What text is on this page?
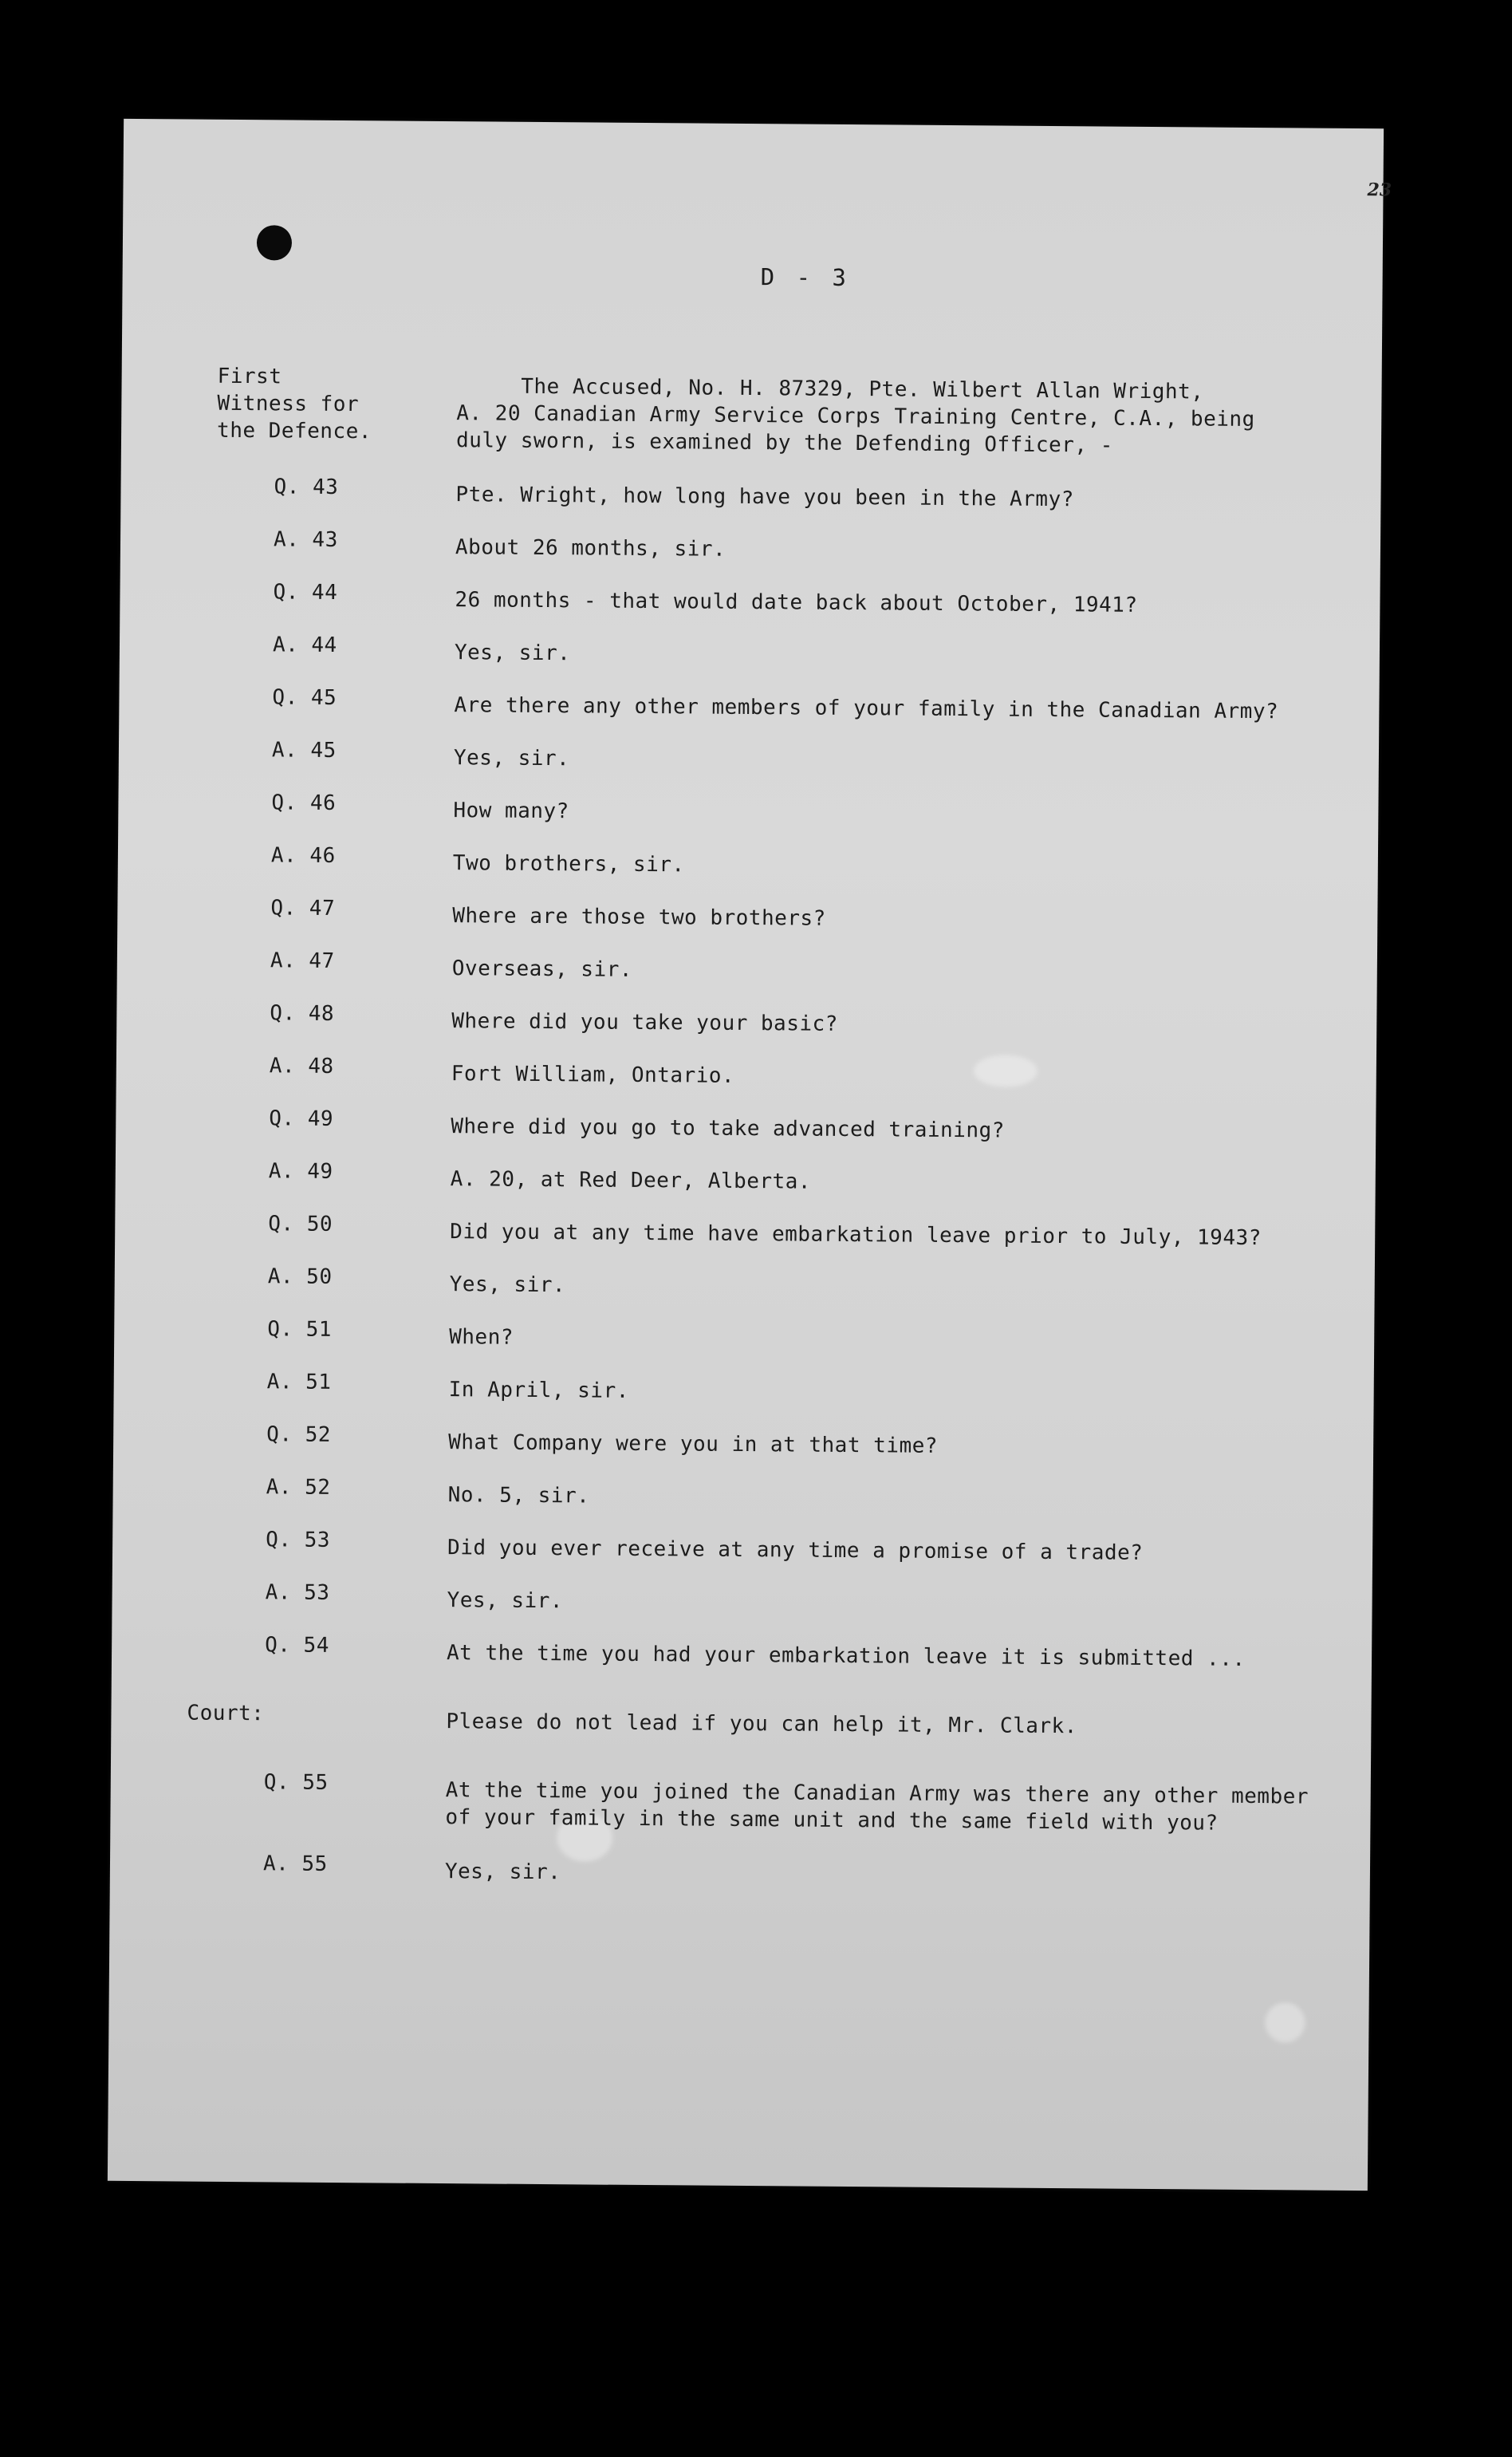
23
D - 3
First
Witness for
the Defence.
The Accused, No. H. 87329, Pte. Wilbert Allan Wright,
A. 20 Canadian Army Service Corps Training Centre, C.A., being
duly sworn, is examined by the Defending Officer, -
Q. 43	Pte. Wright, how long have you been in the Army?
A. 43	About 26 months, sir.
Q. 44	26 months - that would date back about October, 1941?
A. 44	Yes, sir.
Q. 45	Are there any other members of your family in the Canadian Army?
A. 45	Yes, sir.
Q. 46	How many?
A. 46	Two brothers, sir.
Q. 47	Where are those two brothers?
A. 47	Overseas, sir.
Q. 48	Where did you take your basic?
A. 48	Fort William, Ontario.
Q. 49	Where did you go to take advanced training?
A. 49	A. 20, at Red Deer, Alberta.
Q. 50	Did you at any time have embarkation leave prior to July, 1943?
A. 50	Yes, sir.
Q. 51	When?
A. 51	In April, sir.
Q. 52	What Company were you in at that time?
A. 52	No. 5, sir.
Q. 53	Did you ever receive at any time a promise of a trade?
A. 53	Yes, sir.
Q. 54	At the time you had your embarkation leave it is submitted ...
Court:	Please do not lead if you can help it, Mr. Clark.
Q. 55	At the time you joined the Canadian Army was there any other member of your family in the same unit and the same field with you?
A. 55	Yes, sir.
